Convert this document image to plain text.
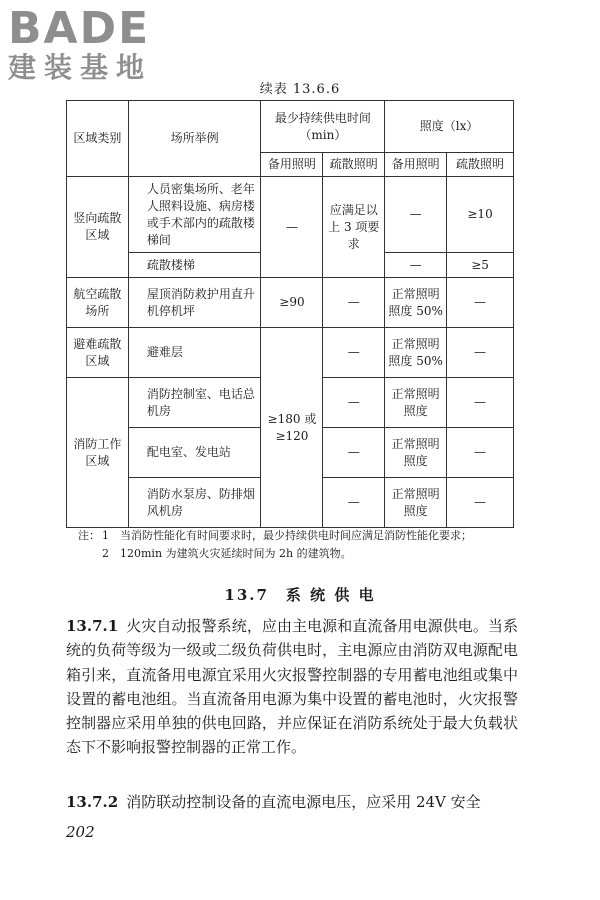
BADE
建装基地
续表 13.6.6
区域类别	场所举例	最少持续供电时间（min）		照度（lx）	
		备用照明	疏散照明	备用照明	疏散照明
竖向疏散区域	人员密集场所、老年人照料设施、病房楼或手术部内的疏散楼梯间	—	应满足以上 3 项要求	—	≥10
	疏散楼梯			—	≥5
航空疏散场所	屋顶消防救护用直升机停机坪	≥90	—	正常照明照度 50%	—
避难疏散区域	避难层	≥180 或 ≥120	—	正常照明照度 50%	—
消防工作区域	消防控制室、电话总机房		—	正常照明照度	—
	配电室、发电站		—	正常照明照度	—
	消防水泵房、防排烟风机房		—	正常照明照度	—
注： 1 当消防性能化有时间要求时，最少持续供电时间应满足消防性能化要求；
2 120min 为建筑火灾延续时间为 2h 的建筑物。
13.7　系 统 供 电
13.7.1 火灾自动报警系统，应由主电源和直流备用电源供电。当系统的负荷等级为一级或二级负荷供电时，主电源应由消防双电源配电箱引来，直流备用电源宜采用火灾报警控制器的专用蓄电池组或集中设置的蓄电池组。当直流备用电源为集中设置的蓄电池时，火灾报警控制器应采用单独的供电回路，并应保证在消防系统处于最大负载状态下不影响报警控制器的正常工作。
13.7.2 消防联动控制设备的直流电源电压，应采用 24V 安全
202
